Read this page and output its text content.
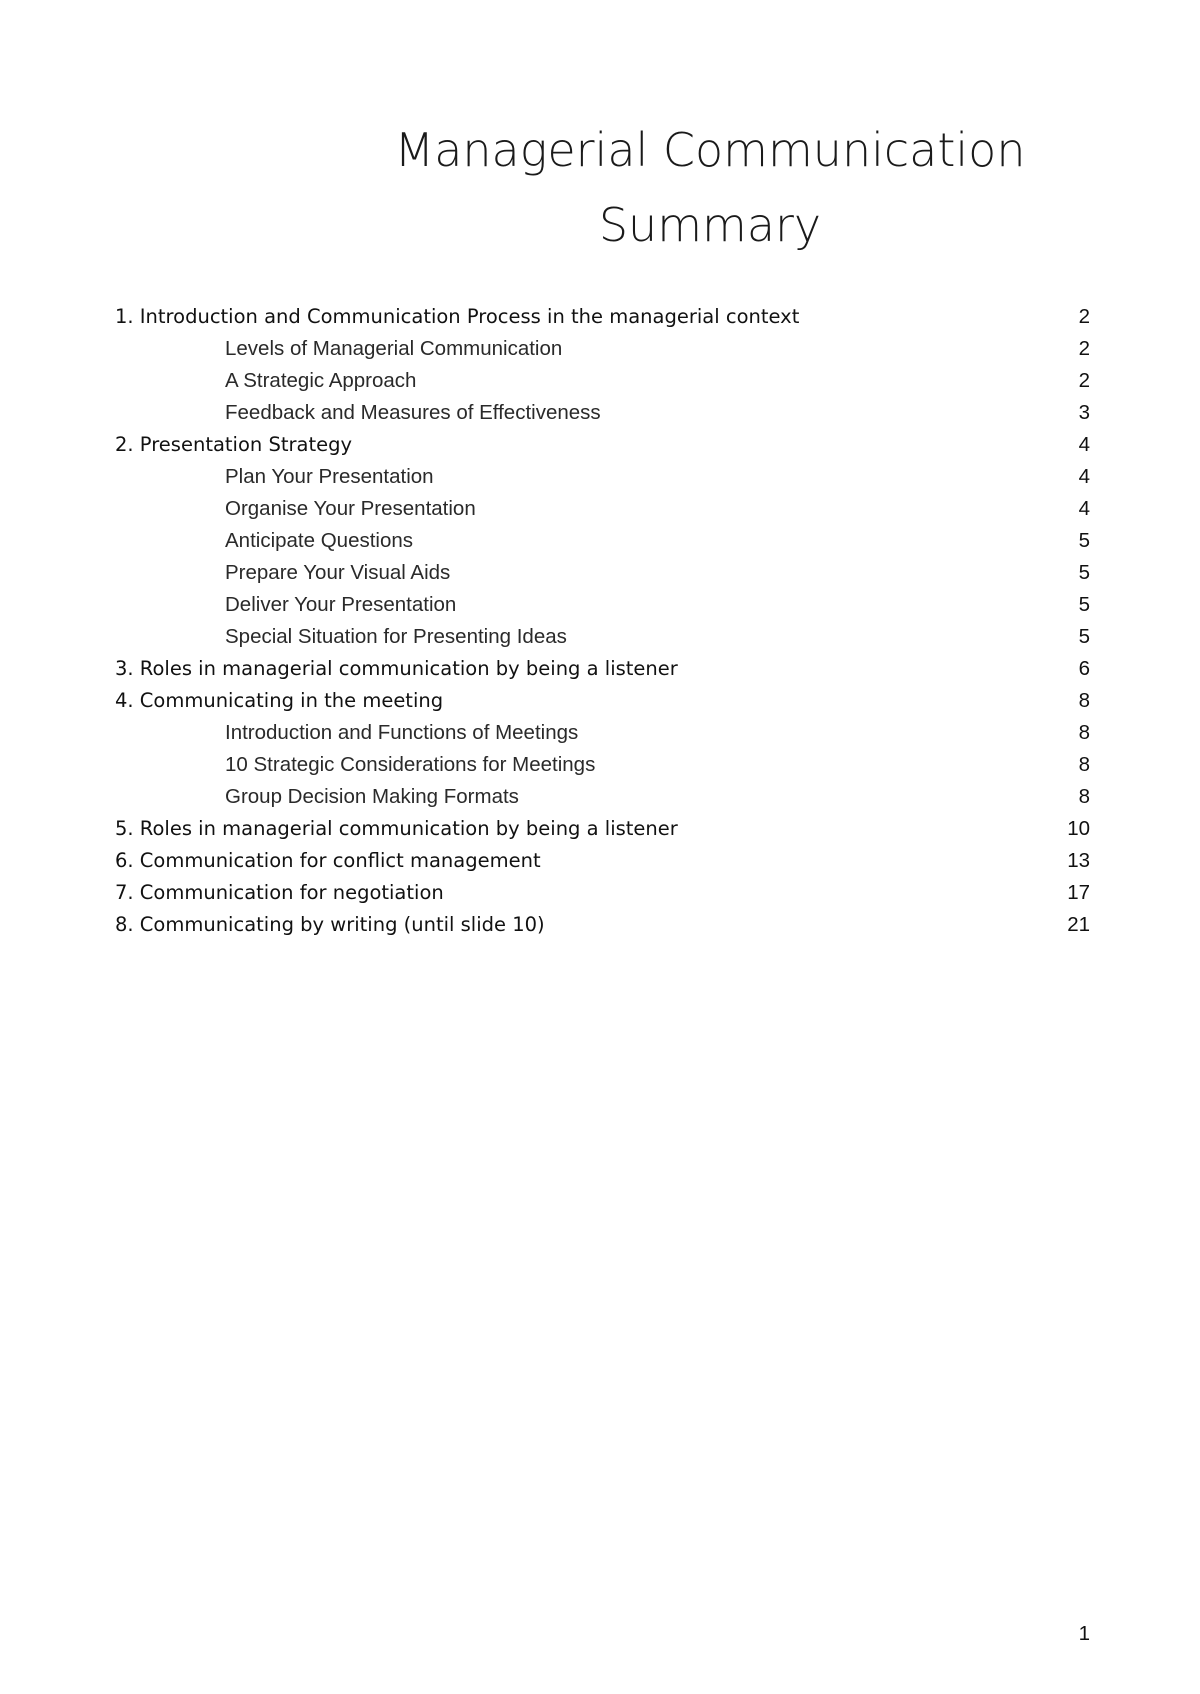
Managerial Communication
Summary
1. Introduction and Communication Process in the managerial context	2
Levels of Managerial Communication	2
A Strategic Approach	2
Feedback and Measures of Effectiveness	3
2. Presentation Strategy	4
Plan Your Presentation	4
Organise Your Presentation	4
Anticipate Questions	5
Prepare Your Visual Aids	5
Deliver Your Presentation	5
Special Situation for Presenting Ideas	5
3. Roles in managerial communication by being a listener	6
4. Communicating in the meeting	8
Introduction and Functions of Meetings	8
10 Strategic Considerations for Meetings	8
Group Decision Making Formats	8
5. Roles in managerial communication by being a listener	10
6. Communication for conflict management	13
7. Communication for negotiation	17
8. Communicating by writing (until slide 10)	21
1
